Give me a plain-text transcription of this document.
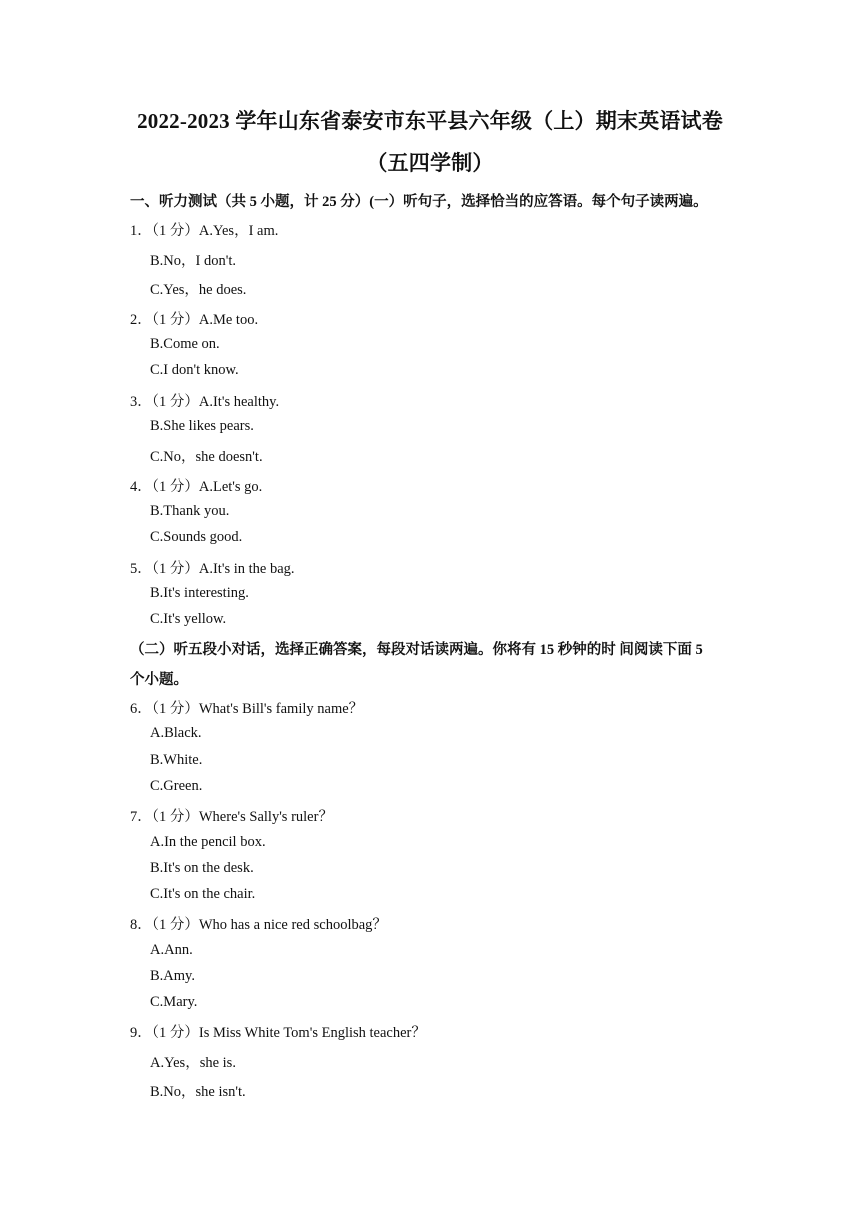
2022-2023 学年山东省泰安市东平县六年级（上）期末英语试卷
（五四学制）
一、听力测试（共 5 小题，计 25 分）(一）听句子，选择恰当的应答语。每个句子读两遍。
1．（1 分）A.Yes，I am.
B.No，I don't.
C.Yes，he does.
2．（1 分）A.Me too.
B.Come on.
C.I don't know.
3．（1 分）A.It's healthy.
B.She likes pears.
C.No，she doesn't.
4．（1 分）A.Let's go.
B.Thank you.
C.Sounds good.
5．（1 分）A.It's in the bag.
B.It's interesting.
C.It's yellow.
（二）听五段小对话，选择正确答案，每段对话读两遍。你将有 15 秒钟的时 间阅读下面 5
个小题。
6．（1 分）What's Bill's family name？
A.Black.
B.White.
C.Green.
7．（1 分）Where's Sally's ruler？
A.In the pencil box.
B.It's on the desk.
C.It's on the chair.
8．（1 分）Who has a nice red schoolbag？
A.Ann.
B.Amy.
C.Mary.
9．（1 分）Is Miss White Tom's English teacher？
A.Yes，she is.
B.No，she isn't.
